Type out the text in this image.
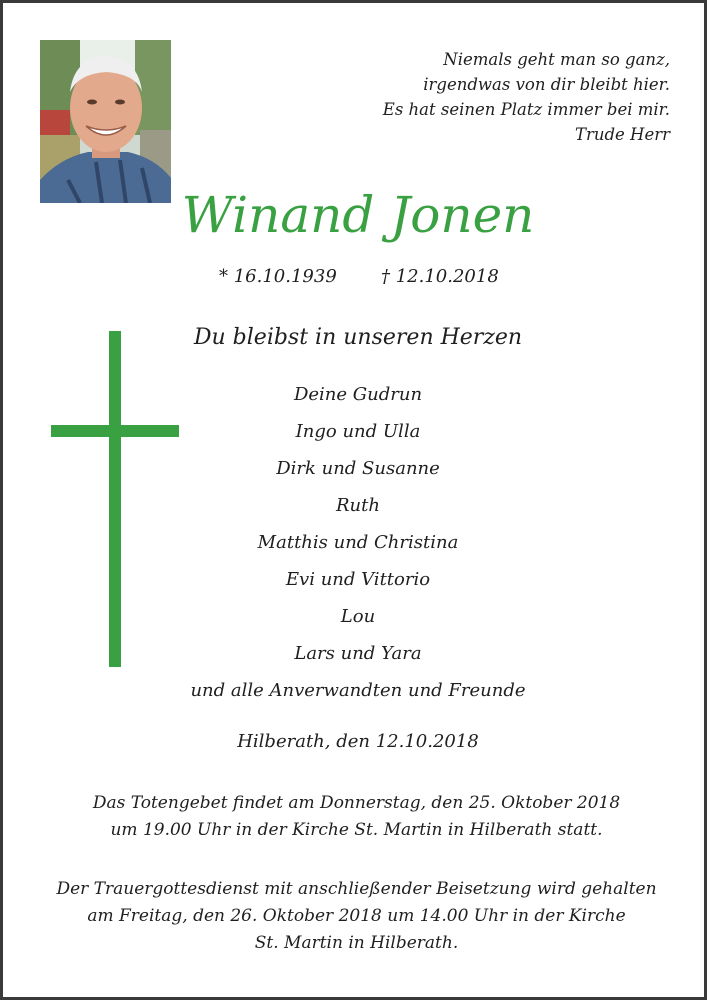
Niemals geht man so ganz,
irgendwas von dir bleibt hier.
Es hat seinen Platz immer bei mir.
Trude Herr
Winand Jonen
* 16.10.1939 † 12.10.2018
Du bleibst in unseren Herzen
Deine Gudrun
Ingo und Ulla
Dirk und Susanne
Ruth
Matthis und Christina
Evi und Vittorio
Lou
Lars und Yara
und alle Anverwandten und Freunde
Hilberath, den 12.10.2018
Das Totengebet findet am Donnerstag, den 25. Oktober 2018
um 19.00 Uhr in der Kirche St. Martin in Hilberath statt.
Der Trauergottesdienst mit anschließender Beisetzung wird gehalten
am Freitag, den 26. Oktober 2018 um 14.00 Uhr in der Kirche
St. Martin in Hilberath.
